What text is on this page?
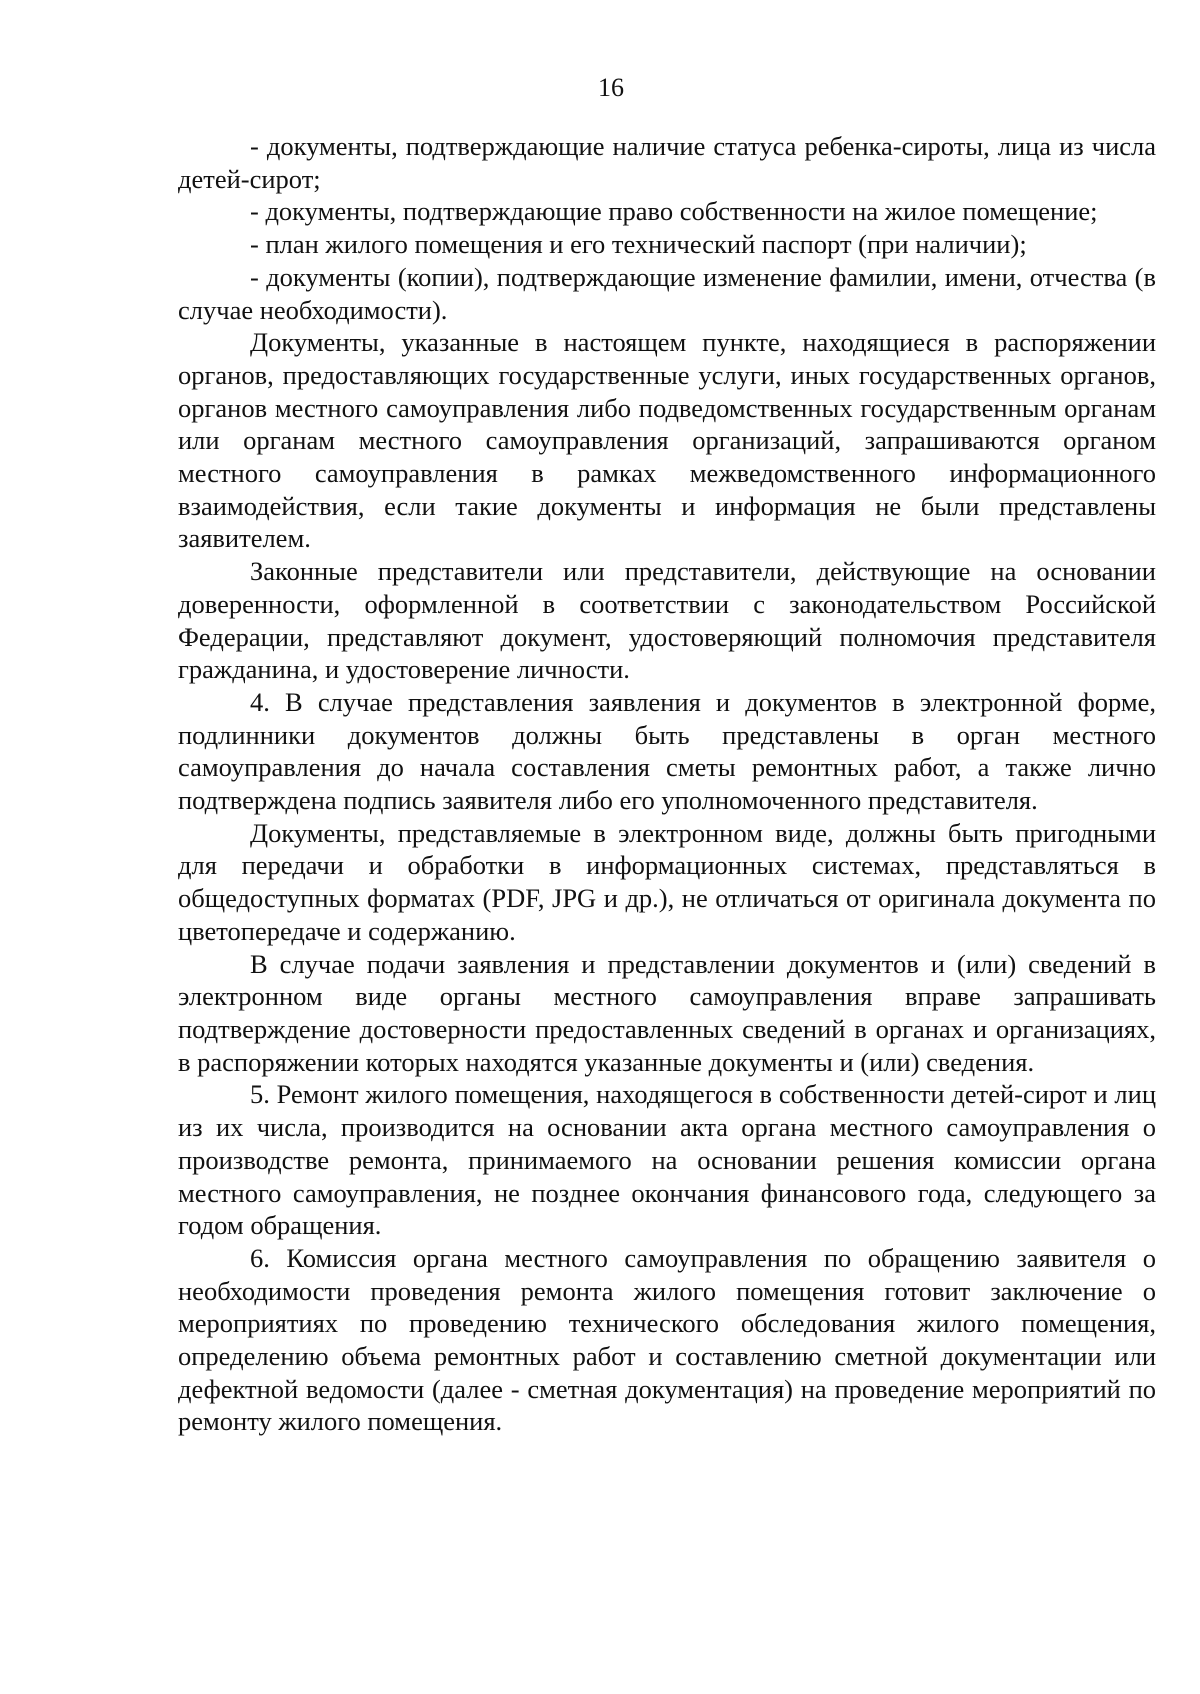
16

- документы, подтверждающие наличие статуса ребенка-сироты, лица из числа детей-сирот;

- документы, подтверждающие право собственности на жилое помещение;

- план жилого помещения и его технический паспорт (при наличии);

- документы (копии), подтверждающие изменение фамилии, имени, отчества (в случае необходимости).

Документы, указанные в настоящем пункте, находящиеся в распоряжении органов, предоставляющих государственные услуги, иных государственных органов, органов местного самоуправления либо подведомственных государственным органам или органам местного самоуправления организаций, запрашиваются органом местного самоуправления в рамках межведомственного информационного взаимодействия, если такие документы и информация не были представлены заявителем.

Законные представители или представители, действующие на основании доверенности, оформленной в соответствии с законодательством Российской Федерации, представляют документ, удостоверяющий полномочия представителя гражданина, и удостоверение личности.

4. В случае представления заявления и документов в электронной форме, подлинники документов должны быть представлены в орган местного самоуправления до начала составления сметы ремонтных работ, а также лично подтверждена подпись заявителя либо его уполномоченного представителя.

Документы, представляемые в электронном виде, должны быть пригодными для передачи и обработки в информационных системах, представляться в общедоступных форматах (PDF, JPG и др.), не отличаться от оригинала документа по цветопередаче и содержанию.

В случае подачи заявления и представлении документов и (или) сведений в электронном виде органы местного самоуправления вправе запрашивать подтверждение достоверности предоставленных сведений в органах и организациях, в распоряжении которых находятся указанные документы и (или) сведения.

5. Ремонт жилого помещения, находящегося в собственности детей-сирот и лиц из их числа, производится на основании акта органа местного самоуправления о производстве ремонта, принимаемого на основании решения комиссии органа местного самоуправления, не позднее окончания финансового года, следующего за годом обращения.

6. Комиссия органа местного самоуправления по обращению заявителя о необходимости проведения ремонта жилого помещения готовит заключение о мероприятиях по проведению технического обследования жилого помещения, определению объема ремонтных работ и составлению сметной документации или дефектной ведомости (далее - сметная документация) на проведение мероприятий по ремонту жилого помещения.
